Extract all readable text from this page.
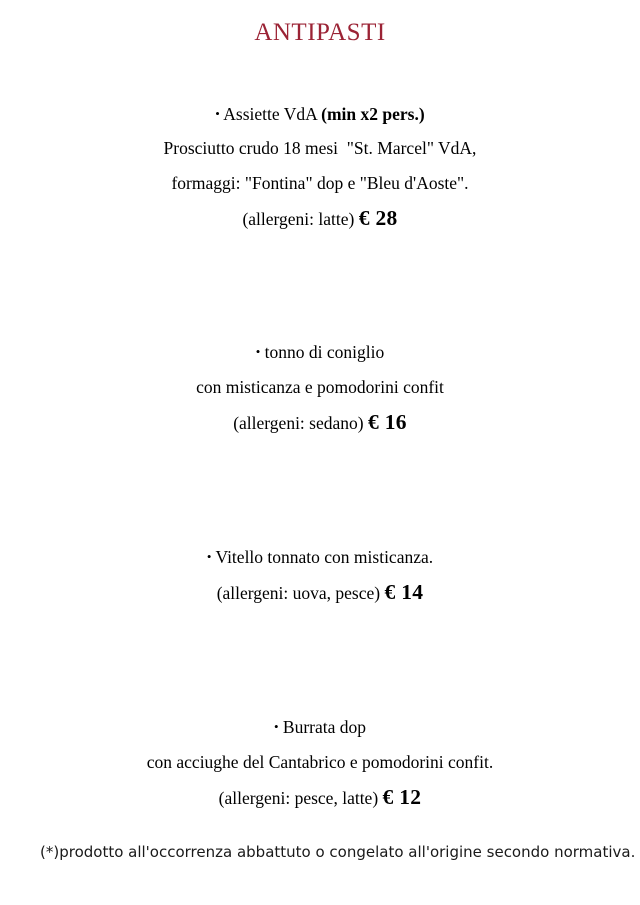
ANTIPASTI
• Assiette VdA (min x2 pers.)
Prosciutto crudo 18 mesi  "St. Marcel" VdA,
formaggi: "Fontina" dop e "Bleu d'Aoste".
(allergeni: latte) € 28
• tonno di coniglio
con misticanza e pomodorini confit
(allergeni: sedano) € 16
• Vitello tonnato con misticanza.
(allergeni: uova, pesce) € 14
• Burrata dop
con acciughe del Cantabrico e pomodorini confit.
(allergeni: pesce, latte) € 12
(*)prodotto all'occorrenza abbattuto o congelato all'origine secondo normativa.
